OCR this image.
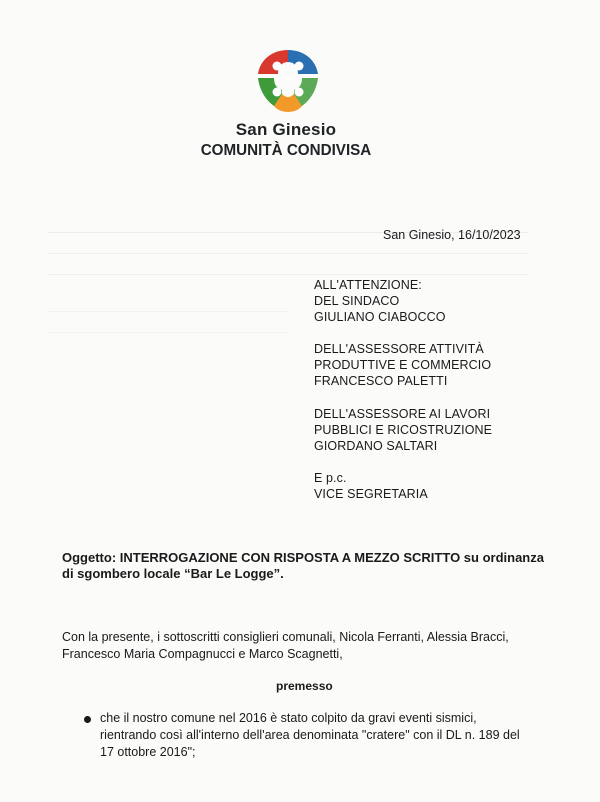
San Ginesio
COMUNITÀ CONDIVISA
San Ginesio, 16/10/2023
ALL'ATTENZIONE:
DEL SINDACO
GIULIANO CIABOCCO
DELL'ASSESSORE ATTIVITÀ
PRODUTTIVE E COMMERCIO
FRANCESCO PALETTI
DELL'ASSESSORE AI LAVORI
PUBBLICI E RICOSTRUZIONE
GIORDANO SALTARI
E p.c.
VICE SEGRETARIA
Oggetto: INTERROGAZIONE CON RISPOSTA A MEZZO SCRITTO su ordinanza
di sgombero locale “Bar Le Logge”.
Con la presente, i sottoscritti consiglieri comunali, Nicola Ferranti, Alessia Bracci,
Francesco Maria Compagnucci e Marco Scagnetti,
premesso
che il nostro comune nel 2016 è stato colpito da gravi eventi sismici,
rientrando così all'interno dell'area denominata "cratere" con il DL n. 189 del
17 ottobre 2016";
